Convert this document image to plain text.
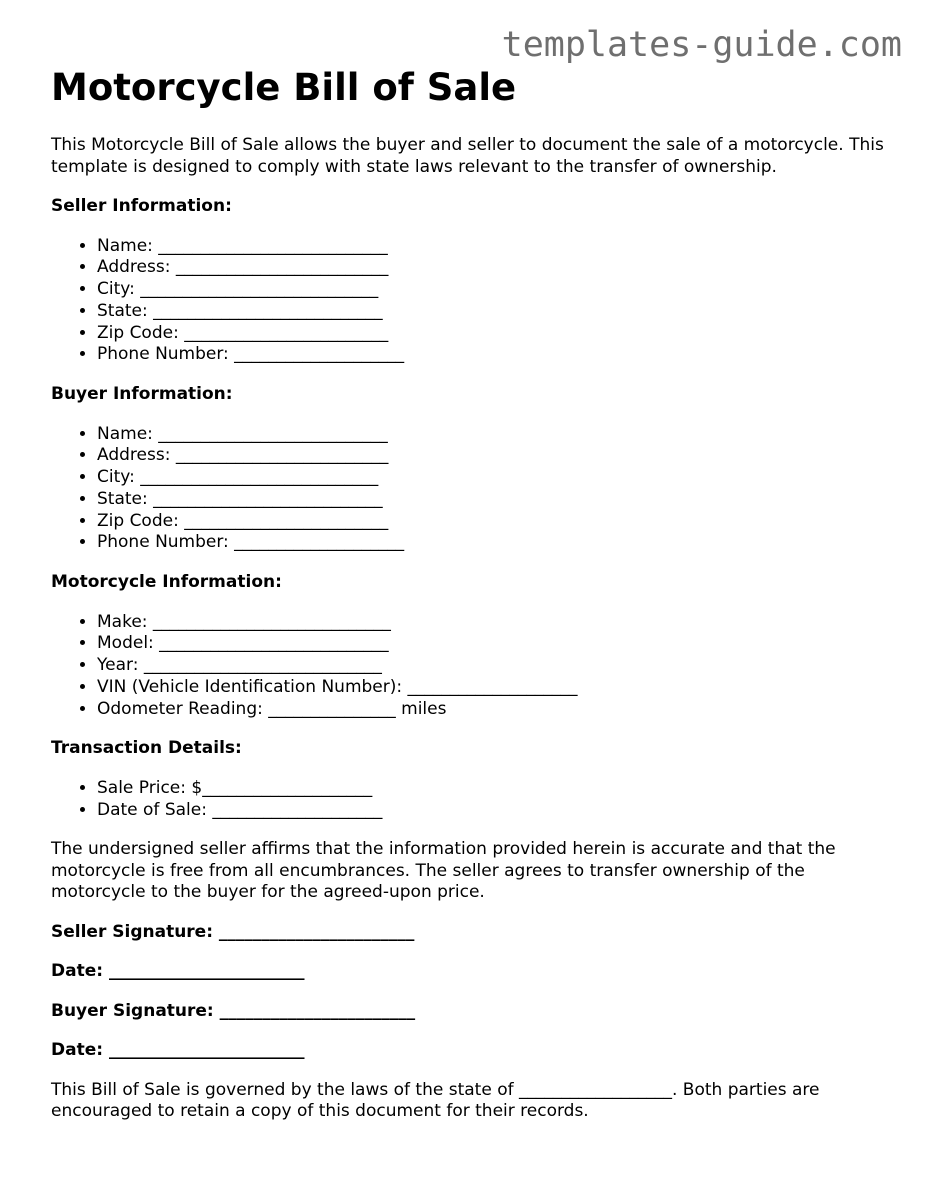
templates-guide.com
Motorcycle Bill of Sale

This Motorcycle Bill of Sale allows the buyer and seller to document the sale of a motorcycle. This template is designed to comply with state laws relevant to the transfer of ownership.

Seller Information:
• Name: ___________________________
• Address: _________________________
• City: ____________________________
• State: ___________________________
• Zip Code: ________________________
• Phone Number: ____________________
Buyer Information:
• Name: ___________________________
• Address: _________________________
• City: ____________________________
• State: ___________________________
• Zip Code: ________________________
• Phone Number: ____________________
Motorcycle Information:
• Make: ____________________________
• Model: ___________________________
• Year: ____________________________
• VIN (Vehicle Identification Number): ____________________
• Odometer Reading: _______________ miles
Transaction Details:
• Sale Price: $____________________
• Date of Sale: ____________________

The undersigned seller affirms that the information provided herein is accurate and that the motorcycle is free from all encumbrances. The seller agrees to transfer ownership of the motorcycle to the buyer for the agreed-upon price.

Seller Signature: _______________________
Date: _______________________
Buyer Signature: _______________________
Date: _______________________

This Bill of Sale is governed by the laws of the state of __________________. Both parties are encouraged to retain a copy of this document for their records.
